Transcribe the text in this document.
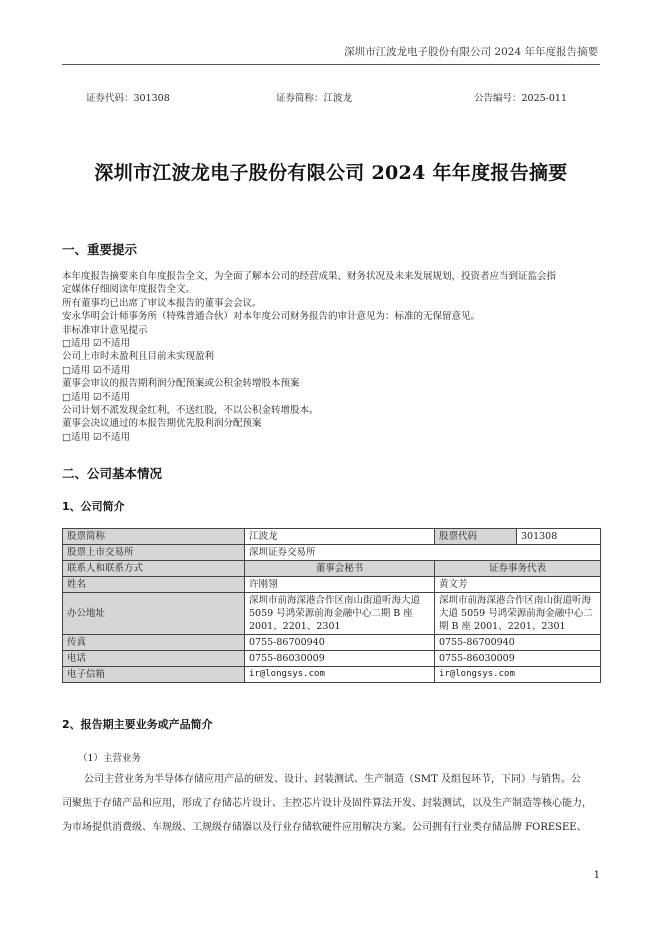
深圳市江波龙电子股份有限公司 2024 年年度报告摘要
证券代码：301308	证券简称：江波龙	公告编号：2025-011
深圳市江波龙电子股份有限公司 2024 年年度报告摘要
一、重要提示
本年度报告摘要来自年度报告全文，为全面了解本公司的经营成果、财务状况及未来发展规划，投资者应当到证监会指
定媒体仔细阅读年度报告全文。
所有董事均已出席了审议本报告的董事会会议。
安永华明会计师事务所（特殊普通合伙）对本年度公司财务报告的审计意见为：标准的无保留意见。
非标准审计意见提示
□适用 ☑不适用
公司上市时未盈利且目前未实现盈利
□适用 ☑不适用
董事会审议的报告期利润分配预案或公积金转增股本预案
□适用 ☑不适用
公司计划不派发现金红利，不送红股，不以公积金转增股本。
董事会决议通过的本报告期优先股利润分配预案
□适用 ☑不适用
二、公司基本情况
1、公司简介
股票简称	江波龙	股票代码	301308
股票上市交易所	深圳证券交易所		
联系人和联系方式	董事会秘书	证券事务代表	
姓名	许刚翎	黄文芳	
办公地址	深圳市前海深港合作区南山街道听海大道 5059 号鸿荣源前海金融中心二期 B 座 2001、2201、2301	深圳市前海深港合作区南山街道听海大道 5059 号鸿荣源前海金融中心二期 B 座 2001、2201、2301	
传真	0755-86700940	0755-86700940	
电话	0755-86030009	0755-86030009	
电子信箱	ir@longsys.com	ir@longsys.com	
2、报告期主要业务或产品简介
（1）主营业务
公司主营业务为半导体存储应用产品的研发、设计、封装测试、生产制造（SMT 及组包环节，下同）与销售。公
司聚焦于存储产品和应用，形成了存储芯片设计、主控芯片设计及固件算法开发、封装测试，以及生产制造等核心能力，
为市场提供消费级、车规级、工规级存储器以及行业存储软硬件应用解决方案。公司拥有行业类存储品牌 FORESEE、
1
